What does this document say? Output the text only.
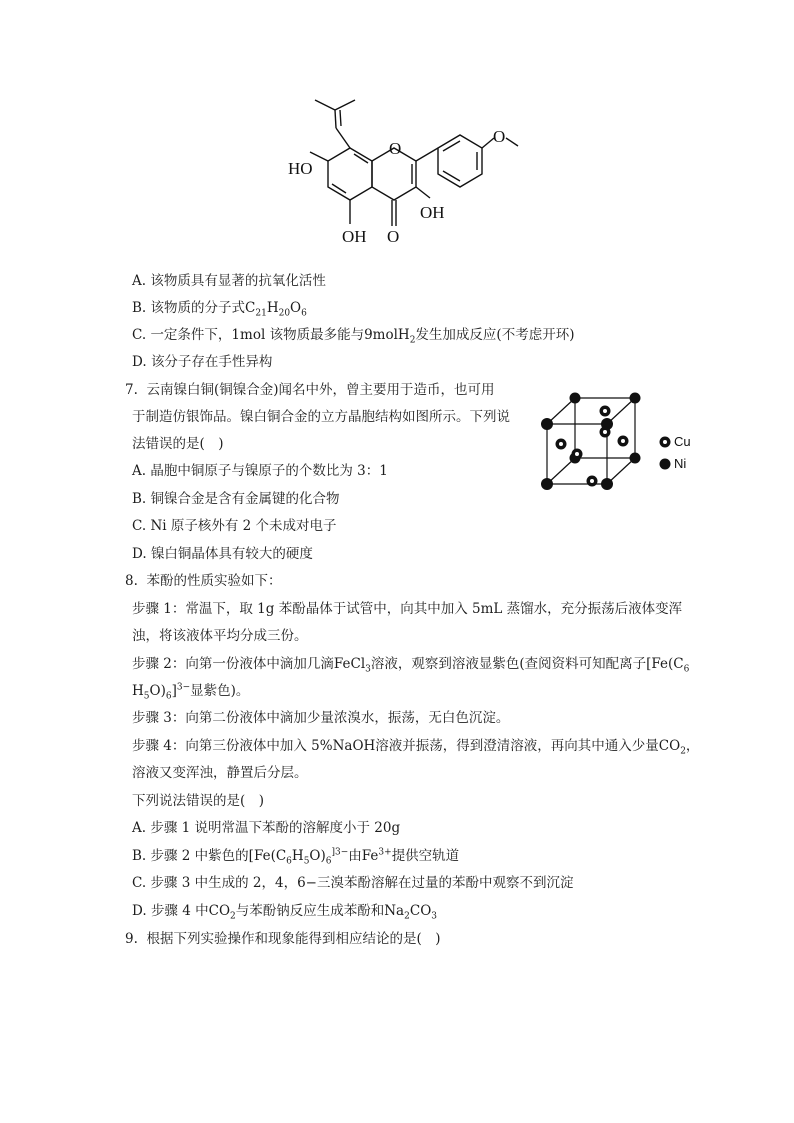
HO
OH
OH
O
O
O
A. 该物质具有显著的抗氧化活性
B. 该物质的分子式$C_{21}H_{20}O_6$
C. 一定条件下，1mol 该物质最多能与9molH$_2$发生加成反应(不考虑开环)
D. 该分子存在手性异构
7. 云南镍白铜(铜镍合金)闻名中外，曾主要用于造币，也可用
于制造仿银饰品。镍白铜合金的立方晶胞结构如图所示。下列说
法错误的是(　)
A. 晶胞中铜原子与镍原子的个数比为 3：1
B. 铜镍合金是含有金属键的化合物
C. Ni 原子核外有 2 个未成对电子
D. 镍白铜晶体具有较大的硬度
Cu
Ni
8. 苯酚的性质实验如下：
步骤 1：常温下，取 1g 苯酚晶体于试管中，向其中加入 5mL 蒸馏水，充分振荡后液体变浑
浊，将该液体平均分成三份。
步骤 2：向第一份液体中滴加几滴FeCl$_3$溶液，观察到溶液显紫色(查阅资料可知配离子[$Fe(C_6$
$H_5O)_6]^{3-}$显紫色)。
步骤 3：向第二份液体中滴加少量浓溴水，振荡，无白色沉淀。
步骤 4：向第三份液体中加入 5%NaOH溶液并振荡，得到澄清溶液，再向其中通入少量$CO_2$，
溶液又变浑浊，静置后分层。
下列说法错误的是(　)
A. 步骤 1 说明常温下苯酚的溶解度小于 20g
B. 步骤 2 中紫色的[$Fe(C_6H_5O)_6^{]3-}$由$Fe^{3+}$提供空轨道
C. 步骤 3 中生成的 2，4，6−三溴苯酚溶解在过量的苯酚中观察不到沉淀
D. 步骤 4 中$CO_2$与苯酚钠反应生成苯酚和$Na_2CO_3$
9. 根据下列实验操作和现象能得到相应结论的是(　)
